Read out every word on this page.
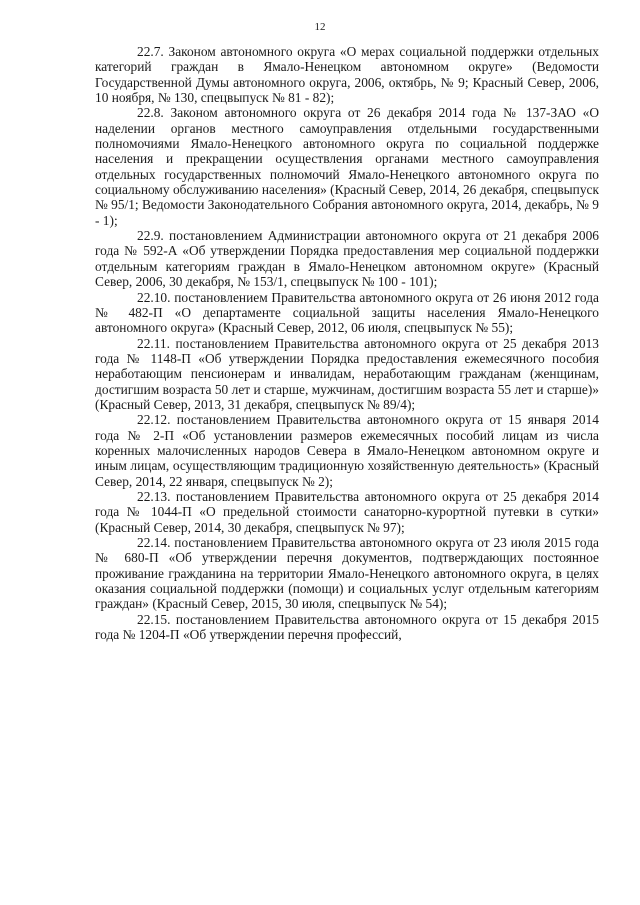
12

22.7. Законом автономного округа «О мерах социальной поддержки отдельных категорий граждан в Ямало-Ненецком автономном округе» (Ведомости Государственной Думы автономного округа, 2006, октябрь, № 9; Красный Север, 2006, 10 ноября, № 130, спецвыпуск № 81 - 82);

22.8. Законом автономного округа от 26 декабря 2014 года № 137-ЗАО «О наделении органов местного самоуправления отдельными государственными полномочиями Ямало-Ненецкого автономного округа по социальной поддержке населения и прекращении осуществления органами местного самоуправления отдельных государственных полномочий Ямало-Ненецкого автономного округа по социальному обслуживанию населения» (Красный Север, 2014, 26 декабря, спецвыпуск № 95/1; Ведомости Законодательного Собрания автономного округа, 2014, декабрь, № 9 - 1);

22.9. постановлением Администрации автономного округа от 21 декабря 2006 года № 592-А «Об утверждении Порядка предоставления мер социальной поддержки отдельным категориям граждан в Ямало-Ненецком автономном округе» (Красный Север, 2006, 30 декабря, № 153/1, спецвыпуск № 100 - 101);

22.10. постановлением Правительства автономного округа от 26 июня 2012 года № 482-П «О департаменте социальной защиты населения Ямало-Ненецкого автономного округа» (Красный Север, 2012, 06 июля, спецвыпуск № 55);

22.11. постановлением Правительства автономного округа от 25 декабря 2013 года № 1148-П «Об утверждении Порядка предоставления ежемесячного пособия неработающим пенсионерам и инвалидам, неработающим гражданам (женщинам, достигшим возраста 50 лет и старше, мужчинам, достигшим возраста 55 лет и старше)» (Красный Север, 2013, 31 декабря, спецвыпуск № 89/4);

22.12. постановлением Правительства автономного округа от 15 января 2014 года № 2-П «Об установлении размеров ежемесячных пособий лицам из числа коренных малочисленных народов Севера в Ямало-Ненецком автономном округе и иным лицам, осуществляющим традиционную хозяйственную деятельность» (Красный Север, 2014, 22 января, спецвыпуск № 2);

22.13. постановлением Правительства автономного округа от 25 декабря 2014 года № 1044-П «О предельной стоимости санаторно-курортной путевки в сутки» (Красный Север, 2014, 30 декабря, спецвыпуск № 97);

22.14. постановлением Правительства автономного округа от 23 июля 2015 года № 680-П «Об утверждении перечня документов, подтверждающих постоянное проживание гражданина на территории Ямало-Ненецкого автономного округа, в целях оказания социальной поддержки (помощи) и социальных услуг отдельным категориям граждан» (Красный Север, 2015, 30 июля, спецвыпуск № 54);

22.15. постановлением Правительства автономного округа от 15 декабря 2015 года № 1204-П «Об утверждении перечня профессий,
